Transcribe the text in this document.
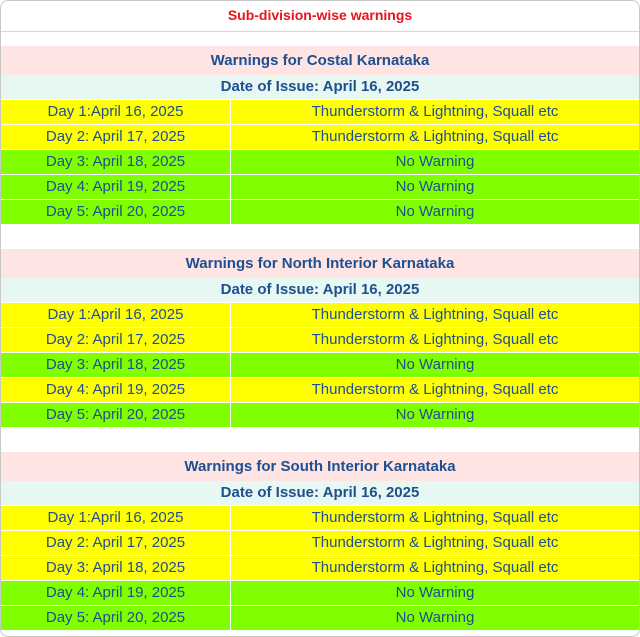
Sub-division-wise warnings
Warnings for Costal Karnataka
Date of Issue: April 16, 2025
Day 1:April 16, 2025	Thunderstorm & Lightning, Squall etc
Day 2: April 17, 2025	Thunderstorm & Lightning, Squall etc
Day 3: April 18, 2025	No Warning
Day 4: April 19, 2025	No Warning
Day 5: April 20, 2025	No Warning
Warnings for North Interior Karnataka
Date of Issue: April 16, 2025
Day 1:April 16, 2025	Thunderstorm & Lightning, Squall etc
Day 2: April 17, 2025	Thunderstorm & Lightning, Squall etc
Day 3: April 18, 2025	No Warning
Day 4: April 19, 2025	Thunderstorm & Lightning, Squall etc
Day 5: April 20, 2025	No Warning
Warnings for South Interior Karnataka
Date of Issue: April 16, 2025
Day 1:April 16, 2025	Thunderstorm & Lightning, Squall etc
Day 2: April 17, 2025	Thunderstorm & Lightning, Squall etc
Day 3: April 18, 2025	Thunderstorm & Lightning, Squall etc
Day 4: April 19, 2025	No Warning
Day 5: April 20, 2025	No Warning
